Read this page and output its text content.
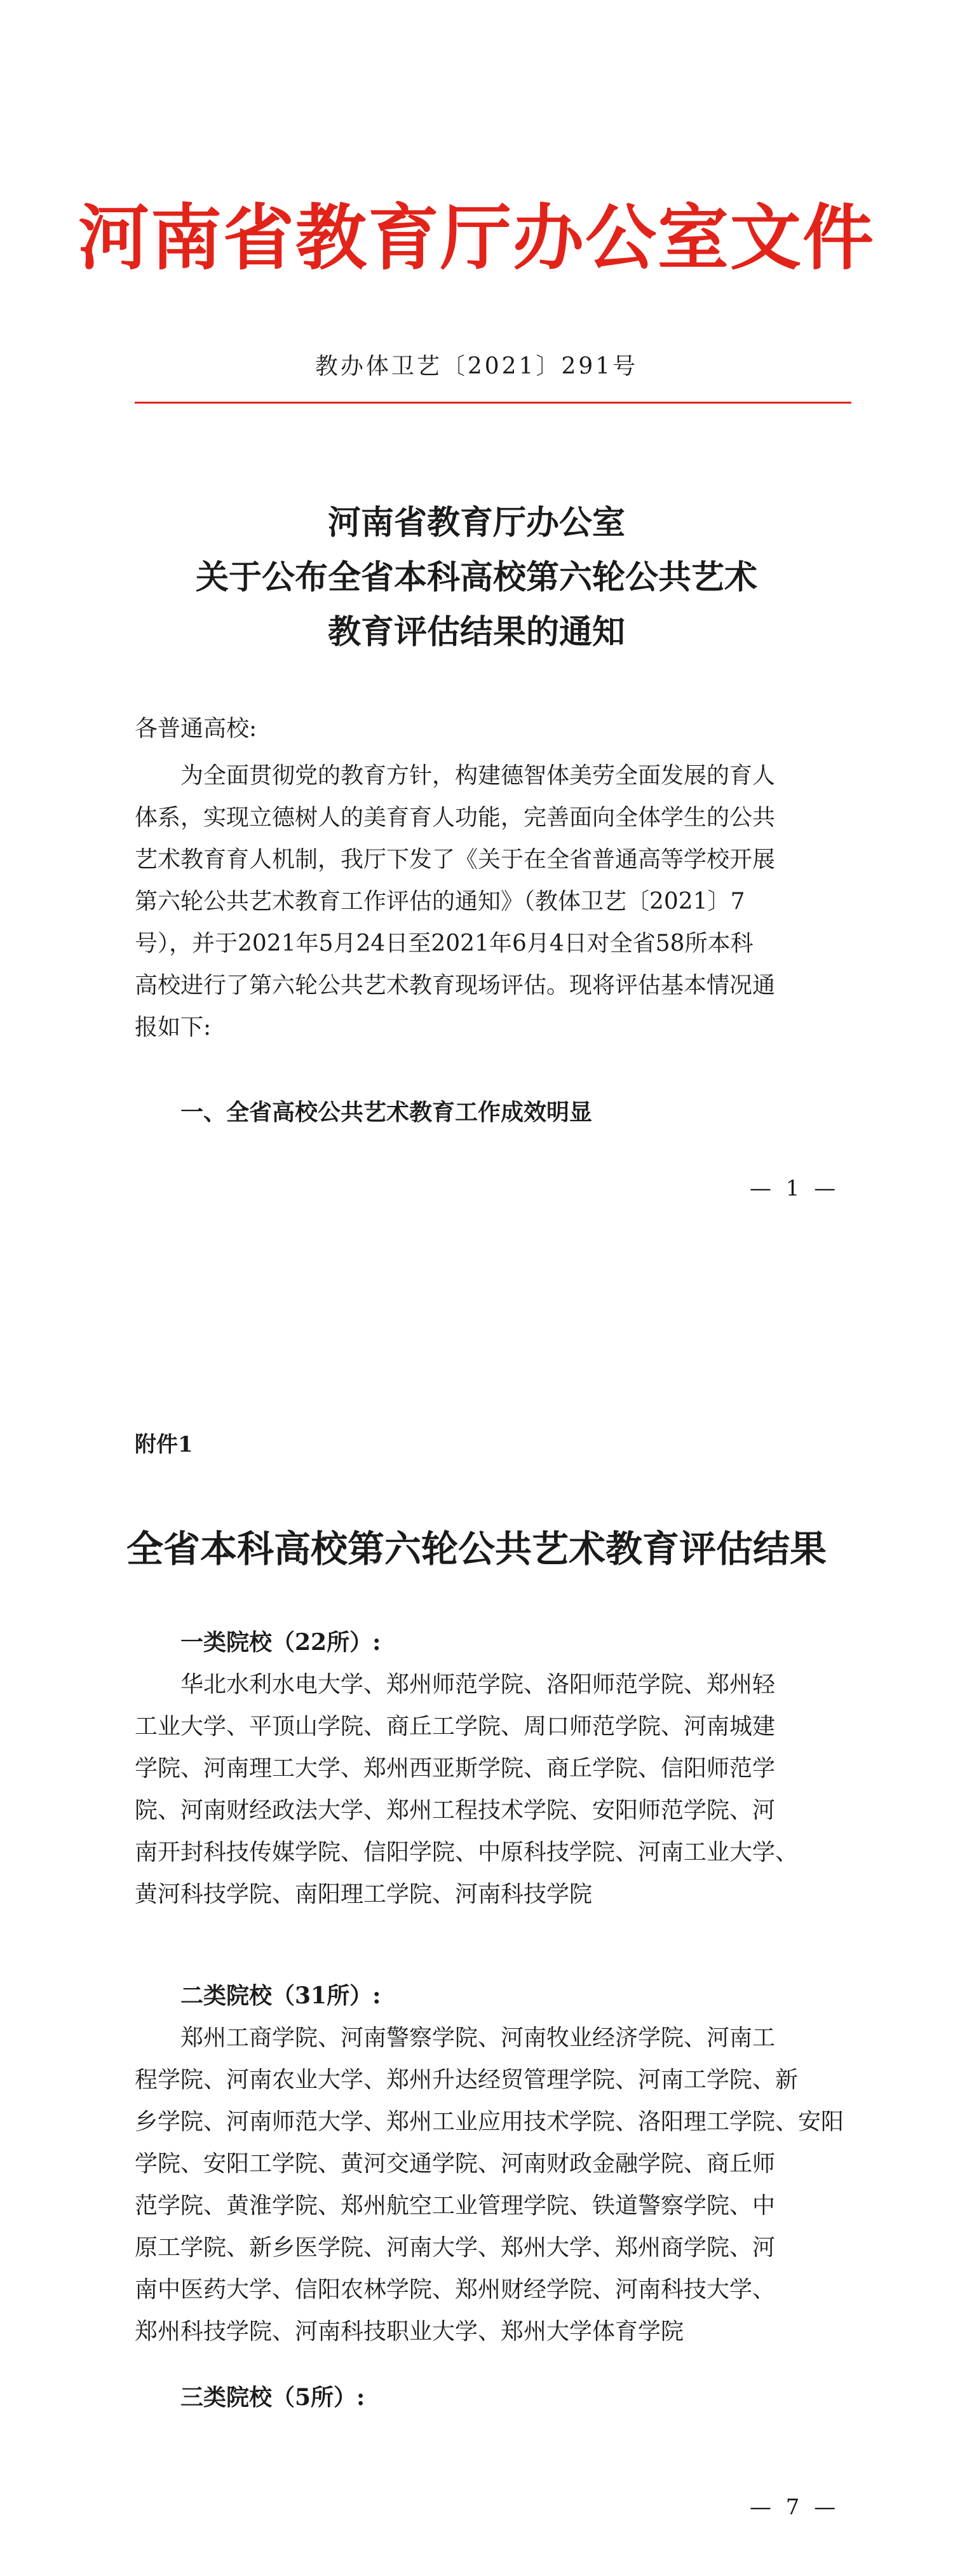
河南省教育厅办公室文件
教办体卫艺〔2021〕291号
河南省教育厅办公室
关于公布全省本科高校第六轮公共艺术
教育评估结果的通知
各普通高校:
为全面贯彻党的教育方针，构建德智体美劳全面发展的育人
体系，实现立德树人的美育育人功能，完善面向全体学生的公共
艺术教育育人机制，我厅下发了《关于在全省普通高等学校开展
第六轮公共艺术教育工作评估的通知》（教体卫艺〔2021〕7
号），并于2021年5月24日至2021年6月4日对全省58所本科
高校进行了第六轮公共艺术教育现场评估。现将评估基本情况通
报如下:
一、全省高校公共艺术教育工作成效明显
— 1 —
附件1
全省本科高校第六轮公共艺术教育评估结果
一类院校（22所）:
华北水利水电大学、郑州师范学院、洛阳师范学院、郑州轻
工业大学、平顶山学院、商丘工学院、周口师范学院、河南城建
学院、河南理工大学、郑州西亚斯学院、商丘学院、信阳师范学
院、河南财经政法大学、郑州工程技术学院、安阳师范学院、河
南开封科技传媒学院、信阳学院、中原科技学院、河南工业大学、
黄河科技学院、南阳理工学院、河南科技学院
二类院校（31所）:
郑州工商学院、河南警察学院、河南牧业经济学院、河南工
程学院、河南农业大学、郑州升达经贸管理学院、河南工学院、新
乡学院、河南师范大学、郑州工业应用技术学院、洛阳理工学院、安阳
学院、安阳工学院、黄河交通学院、河南财政金融学院、商丘师
范学院、黄淮学院、郑州航空工业管理学院、铁道警察学院、中
原工学院、新乡医学院、河南大学、郑州大学、郑州商学院、河
南中医药大学、信阳农林学院、郑州财经学院、河南科技大学、
郑州科技学院、河南科技职业大学、郑州大学体育学院
三类院校（5所）:
— 7 —
